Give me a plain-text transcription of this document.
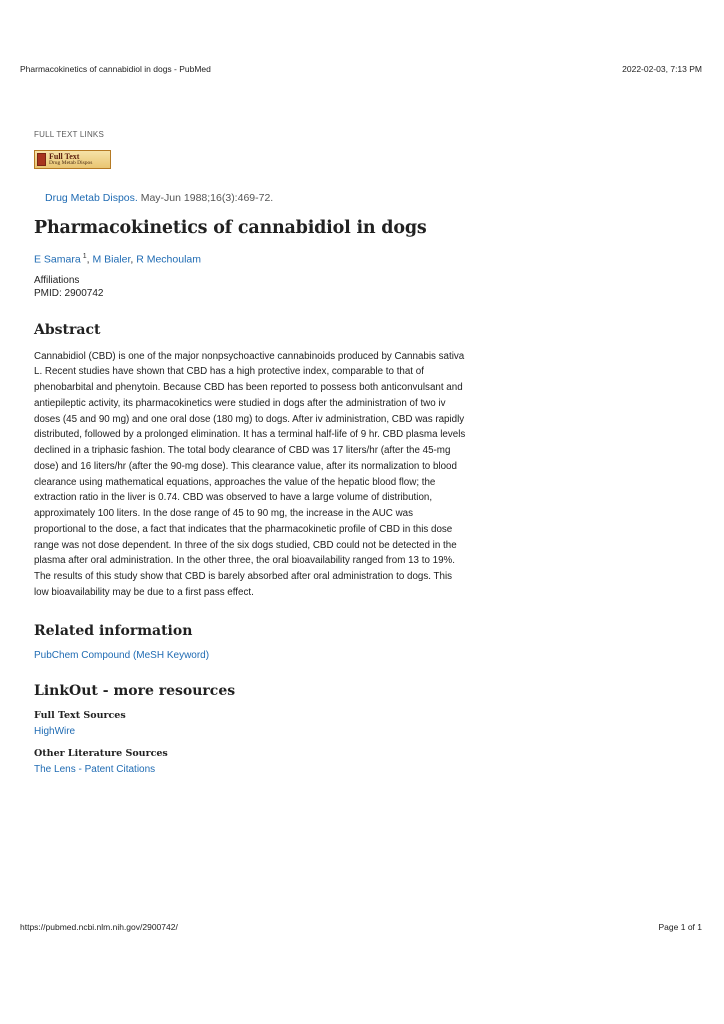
Pharmacokinetics of cannabidiol in dogs - PubMed	2022-02-03, 7:13 PM
FULL TEXT LINKS
Full Text
Drug Metab Dispos
Drug Metab Dispos. May-Jun 1988;16(3):469-72.
Pharmacokinetics of cannabidiol in dogs
E Samara $^1$, M Bialer, R Mechoulam
Affiliations
PMID: 2900742
Abstract
Cannabidiol (CBD) is one of the major nonpsychoactive cannabinoids produced by Cannabis sativa
L. Recent studies have shown that CBD has a high protective index, comparable to that of
phenobarbital and phenytoin. Because CBD has been reported to possess both anticonvulsant and
antiepileptic activity, its pharmacokinetics were studied in dogs after the administration of two iv
doses (45 and 90 mg) and one oral dose (180 mg) to dogs. After iv administration, CBD was rapidly
distributed, followed by a prolonged elimination. It has a terminal half-life of 9 hr. CBD plasma levels
declined in a triphasic fashion. The total body clearance of CBD was 17 liters/hr (after the 45-mg
dose) and 16 liters/hr (after the 90-mg dose). This clearance value, after its normalization to blood
clearance using mathematical equations, approaches the value of the hepatic blood flow; the
extraction ratio in the liver is 0.74. CBD was observed to have a large volume of distribution,
approximately 100 liters. In the dose range of 45 to 90 mg, the increase in the AUC was
proportional to the dose, a fact that indicates that the pharmacokinetic profile of CBD in this dose
range was not dose dependent. In three of the six dogs studied, CBD could not be detected in the
plasma after oral administration. In the other three, the oral bioavailability ranged from 13 to 19%.
The results of this study show that CBD is barely absorbed after oral administration to dogs. This
low bioavailability may be due to a first pass effect.
Related information
PubChem Compound (MeSH Keyword)
LinkOut - more resources
Full Text Sources
HighWire
Other Literature Sources
The Lens - Patent Citations
https://pubmed.ncbi.nlm.nih.gov/2900742/	Page 1 of 1
